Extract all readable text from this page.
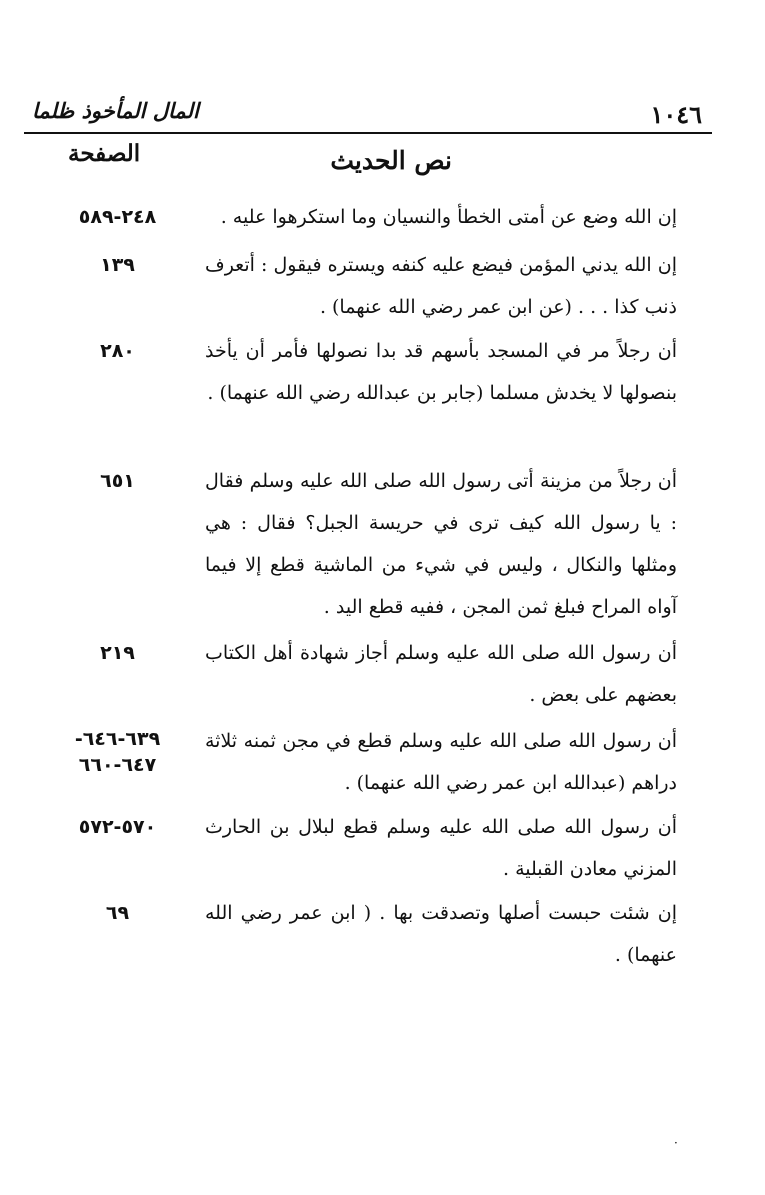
المال المأخوذ ظلما	١٠٤٦
نص الحديث
الصفحة
إن الله وضع عن أمتى الخطأ والنسيان وما استكرهوا عليه .
٢٤٨-٥٨٩
إن الله يدني المؤمن فيضع عليه كنفه ويستره فيقول : أتعرف ذنب كذا . . . (عن ابن عمر رضي الله عنهما) .
١٣٩
أن رجلاً مر في المسجد بأسهم قد بدا نصولها فأمر أن يأخذ بنصولها لا يخدش مسلما (جابر بن عبدالله رضي الله عنهما) .
٢٨٠
أن رجلاً من مزينة أتى رسول الله صلى الله عليه وسلم فقال : يا رسول الله كيف ترى في حريسة الجبل؟ فقال : هي ومثلها والنكال ، وليس في شيء من الماشية قطع إلا فيما آواه المراح فبلغ ثمن المجن ، ففيه قطع اليد .
٦٥١
أن رسول الله صلى الله عليه وسلم أجاز شهادة أهل الكتاب بعضهم على بعض .
٢١٩
أن رسول الله صلى الله عليه وسلم قطع في مجن ثمنه ثلاثة دراهم (عبدالله ابن عمر رضي الله عنهما) .
٦٣٩-٦٤٦-
٦٤٧-٦٦٠
أن رسول الله صلى الله عليه وسلم قطع لبلال بن الحارث المزني معادن القبلية .
٥٧٠-٥٧٢
إن شئت حبست أصلها وتصدقت بها . ( ابن عمر رضي الله عنهما) .
٦٩
·
